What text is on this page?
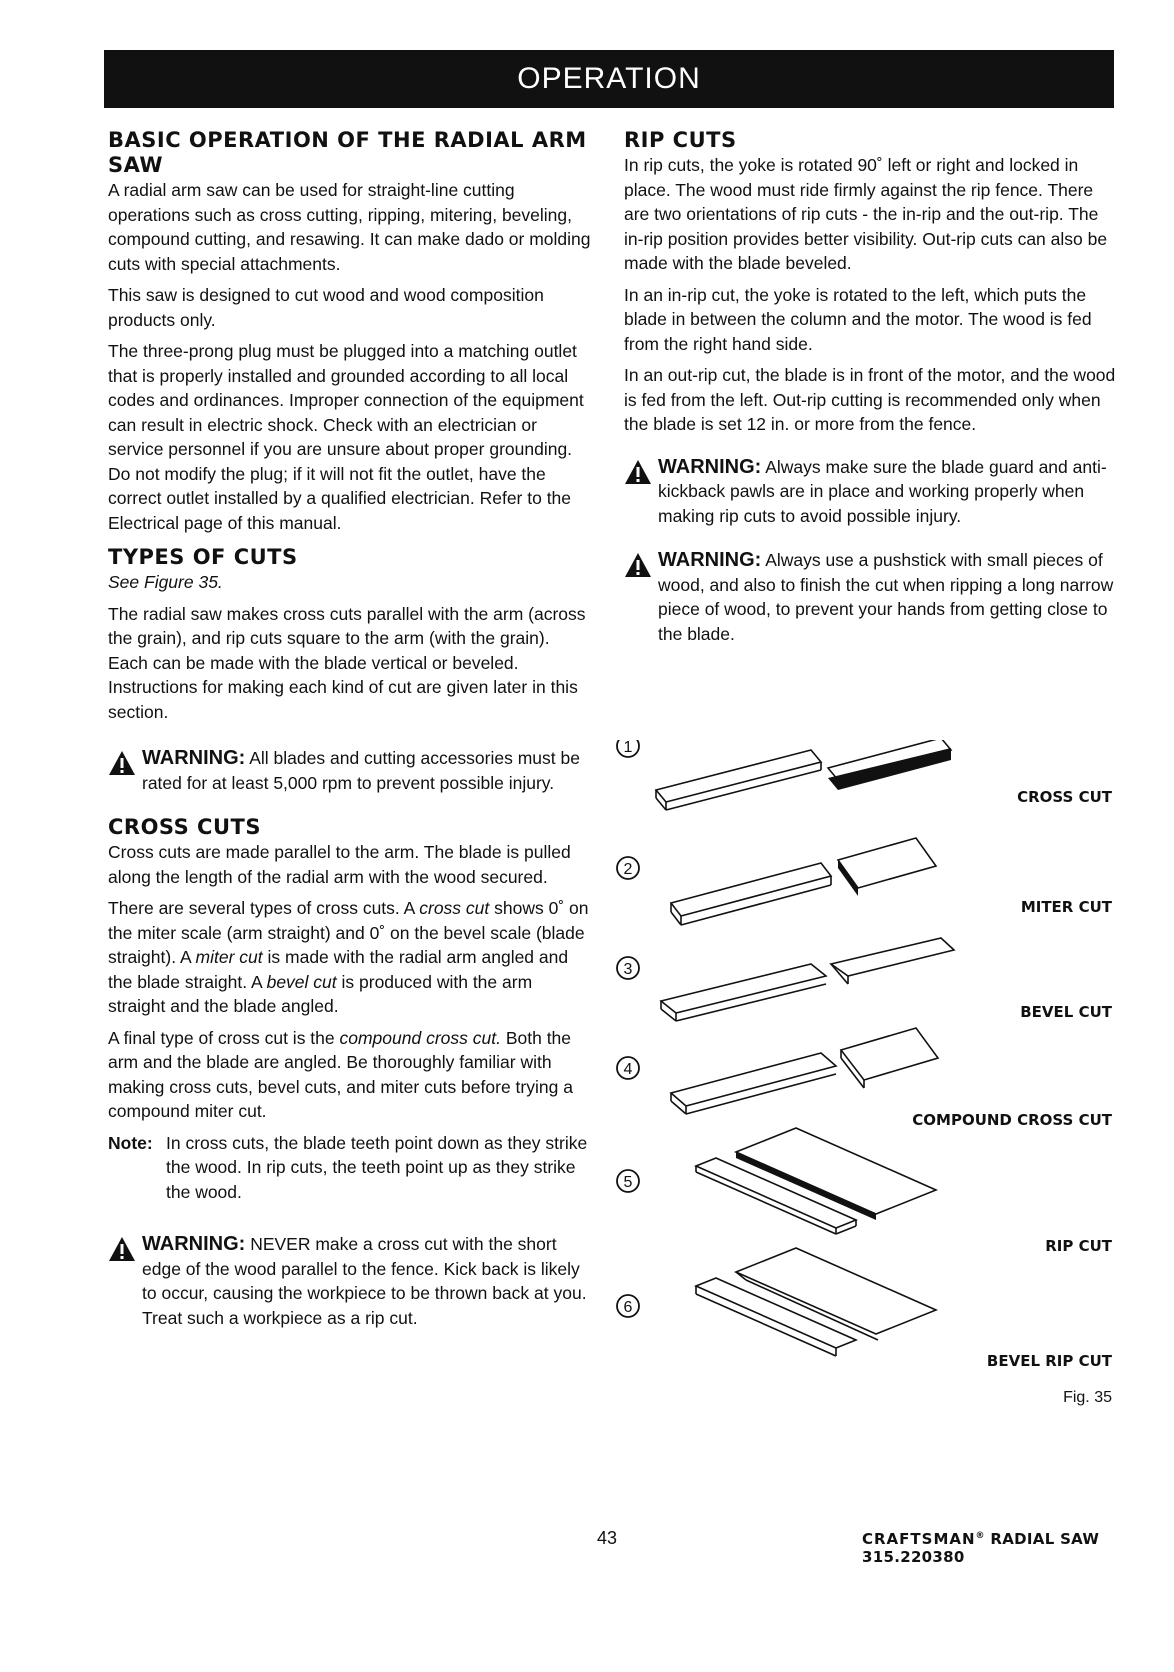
OPERATION
BASIC OPERATION OF THE RADIAL ARM SAW

A radial arm saw can be used for straight-line cutting operations such as cross cutting, ripping, mitering, beveling, compound cutting, and resawing. It can make dado or molding cuts with special attachments.

This saw is designed to cut wood and wood composition products only.

The three-prong plug must be plugged into a matching outlet that is properly installed and grounded according to all local codes and ordinances. Improper connection of the equipment can result in electric shock. Check with an electrician or service personnel if you are unsure about proper grounding. Do not modify the plug; if it will not fit the outlet, have the correct outlet installed by a qualified electrician. Refer to the Electrical page of this manual.

TYPES OF CUTS

See Figure 35.

The radial saw makes cross cuts parallel with the arm (across the grain), and rip cuts square to the arm (with the grain). Each can be made with the blade vertical or beveled. Instructions for making each kind of cut are given later in this section.

WARNING: All blades and cutting accessories must be rated for at least 5,000 rpm to prevent possible injury.
CROSS CUTS

Cross cuts are made parallel to the arm. The blade is pulled along the length of the radial arm with the wood secured.

There are several types of cross cuts. A cross cut shows 0˚ on the miter scale (arm straight) and 0˚ on the bevel scale (blade straight). A miter cut is made with the radial arm angled and the blade straight. A bevel cut is produced with the arm straight and the blade angled.

A final type of cross cut is the compound cross cut. Both the arm and the blade are angled. Be thoroughly familiar with making cross cuts, bevel cuts, and miter cuts before trying a compound miter cut.

Note: In cross cuts, the blade teeth point down as they strike the wood. In rip cuts, the teeth point up as they strike the wood.
WARNING: NEVER make a cross cut with the short edge of the wood parallel to the fence. Kick back is likely to occur, causing the workpiece to be thrown back at you. Treat such a workpiece as a rip cut.
RIP CUTS

In rip cuts, the yoke is rotated 90˚ left or right and locked in place. The wood must ride firmly against the rip fence. There are two orientations of rip cuts - the in-rip and the out-rip. The in-rip position provides better visibility. Out-rip cuts can also be made with the blade beveled.

In an in-rip cut, the yoke is rotated to the left, which puts the blade in between the column and the motor. The wood is fed from the right hand side.

In an out-rip cut, the blade is in front of the motor, and the wood is fed from the left. Out-rip cutting is recommended only when the blade is set 12 in. or more from the fence.

WARNING: Always make sure the blade guard and anti-kickback pawls are in place and working properly when making rip cuts to avoid possible injury.
WARNING: Always use a pushstick with small pieces of wood, and also to finish the cut when ripping a long narrow piece of wood, to prevent your hands from getting close to the blade.
1
2
3
4
5
6
CROSS CUT
MITER CUT
BEVEL CUT
COMPOUND CROSS CUT
RIP CUT
BEVEL RIP CUT
Fig. 35
43	CRAFTSMAN® RADIAL SAW 315.220380
